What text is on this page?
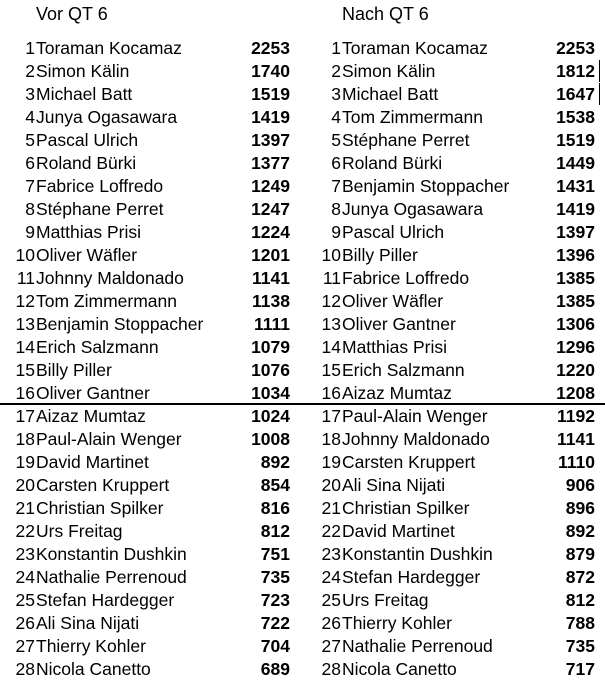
Vor QT 6
1 Toraman Kocamaz	2253
2 Simon Kälin	1740
3 Michael Batt	1519
4 Junya Ogasawara	1419
5 Pascal Ulrich	1397
6 Roland Bürki	1377
7 Fabrice Loffredo	1249
8 Stéphane Perret	1247
9 Matthias Prisi	1224
10 Oliver Wäfler	1201
11 Johnny Maldonado	1141
12 Tom Zimmermann	1138
13 Benjamin Stoppacher	1111
14 Erich Salzmann	1079
15 Billy Piller	1076
16 Oliver Gantner	1034
17 Aizaz Mumtaz	1024
18 Paul-Alain Wenger	1008
19 David Martinet	892
20 Carsten Kruppert	854
21 Christian Spilker	816
22 Urs Freitag	812
23 Konstantin Dushkin	751
24 Nathalie Perrenoud	735
25 Stefan Hardegger	723
26 Ali Sina Nijati	722
27 Thierry Kohler	704
28 Nicola Canetto	689
Nach QT 6
1 Toraman Kocamaz	2253
2 Simon Kälin	1812
3 Michael Batt	1647
4 Tom Zimmermann	1538
5 Stéphane Perret	1519
6 Roland Bürki	1449
7 Benjamin Stoppacher	1431
8 Junya Ogasawara	1419
9 Pascal Ulrich	1397
10 Billy Piller	1396
11 Fabrice Loffredo	1385
12 Oliver Wäfler	1385
13 Oliver Gantner	1306
14 Matthias Prisi	1296
15 Erich Salzmann	1220
16 Aizaz Mumtaz	1208
17 Paul-Alain Wenger	1192
18 Johnny Maldonado	1141
19 Carsten Kruppert	1110
20 Ali Sina Nijati	906
21 Christian Spilker	896
22 David Martinet	892
23 Konstantin Dushkin	879
24 Stefan Hardegger	872
25 Urs Freitag	812
26 Thierry Kohler	788
27 Nathalie Perrenoud	735
28 Nicola Canetto	717
